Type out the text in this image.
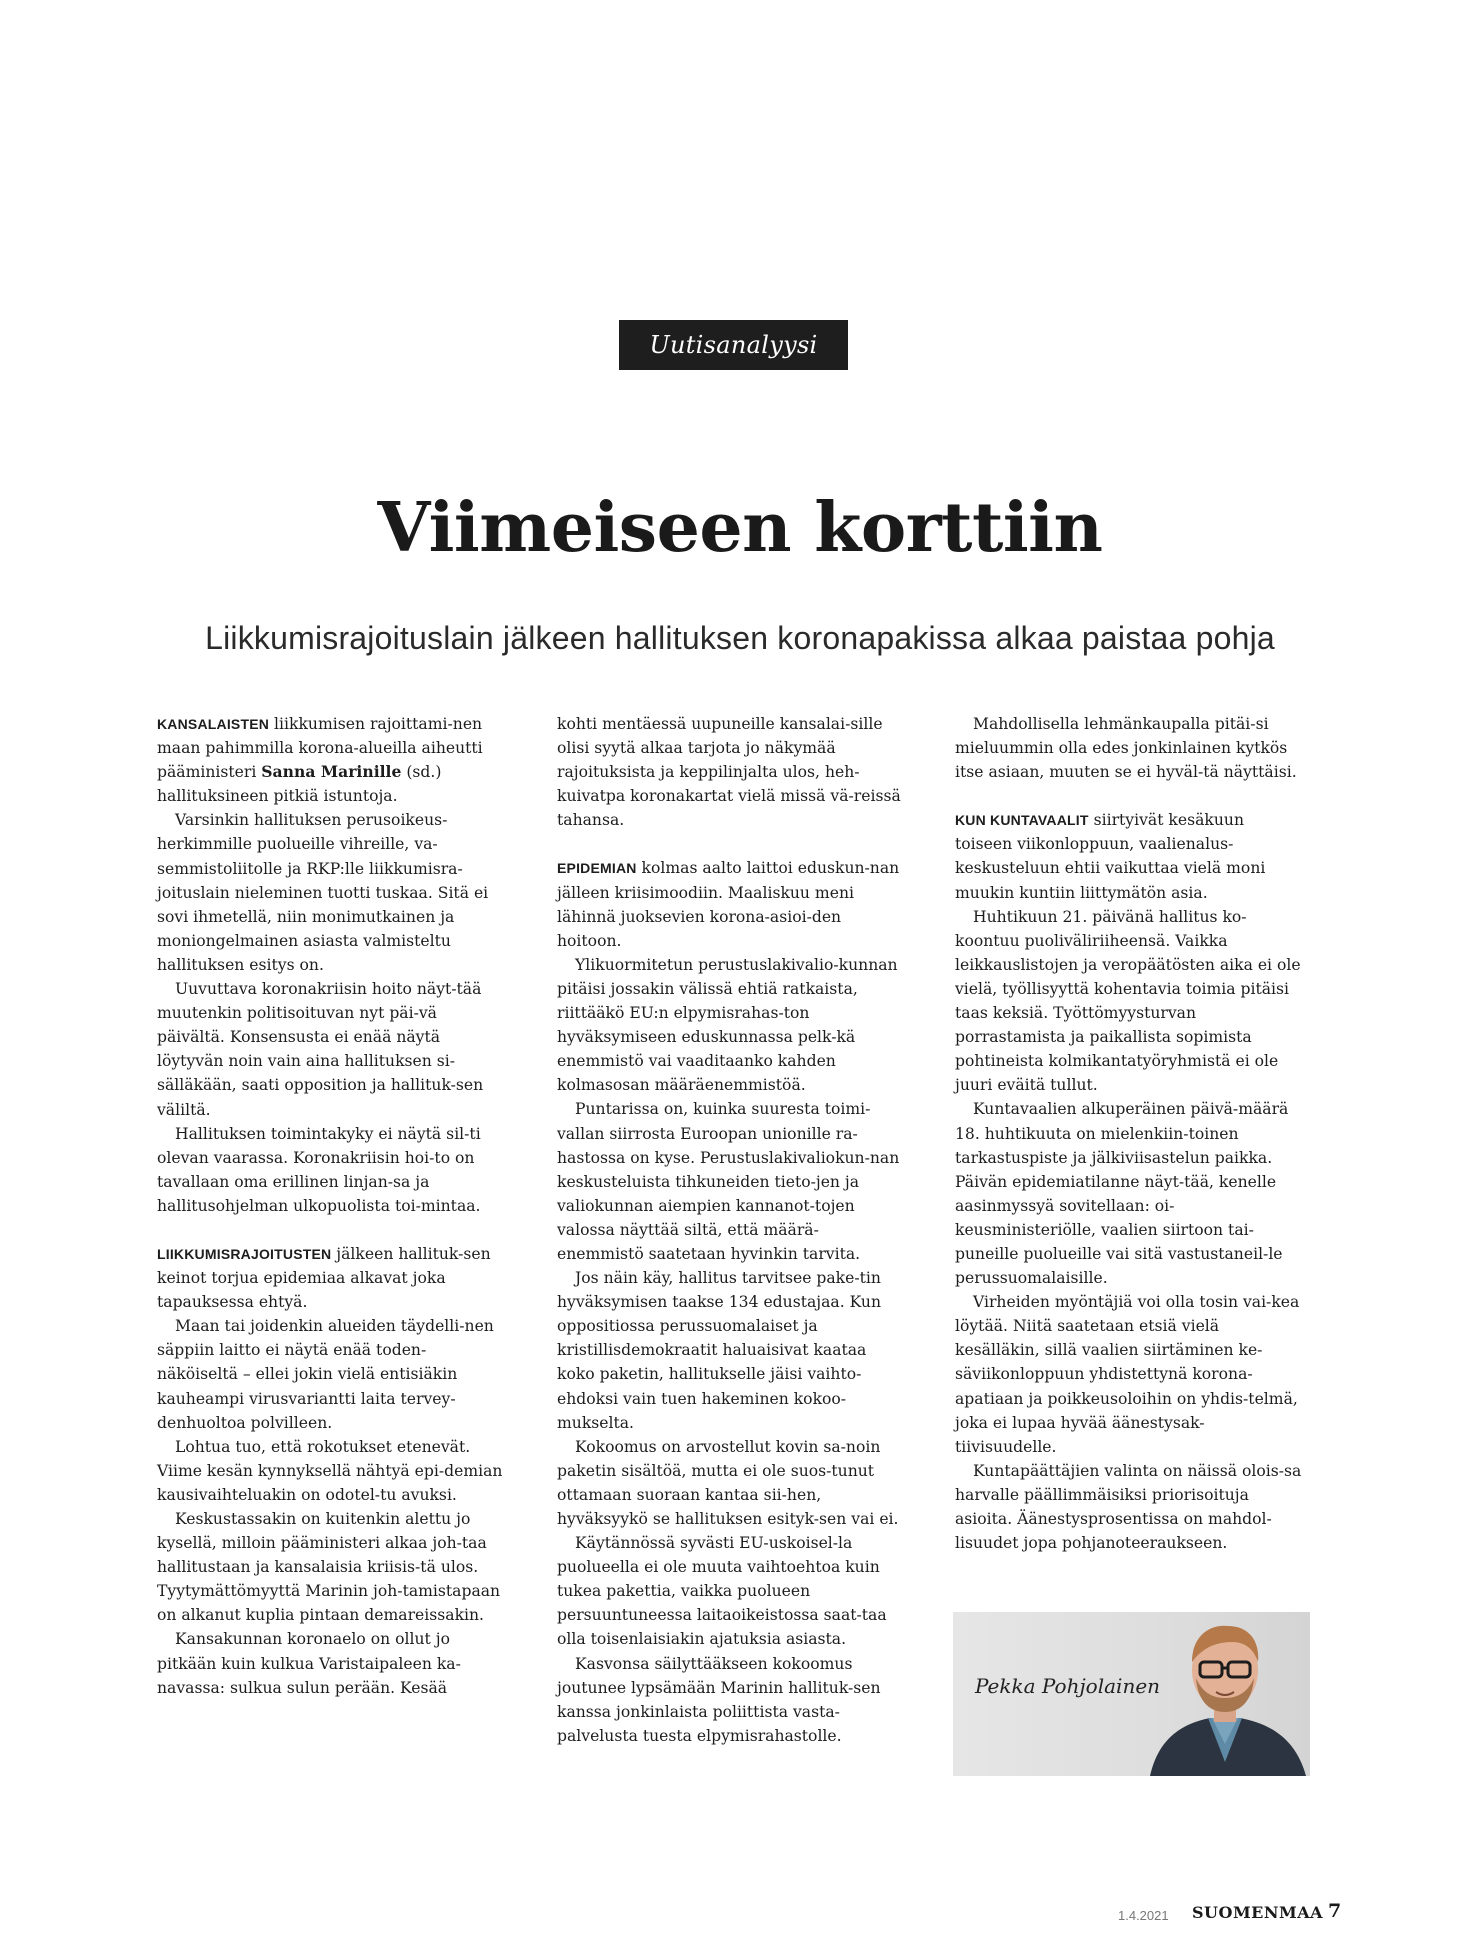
Uutisanalyysi
Viimeiseen korttiin
Liikkumisrajoituslain jälkeen hallituksen koronapakissa alkaa paistaa pohja

KANSALAISTEN liikkumisen rajoittami-nen maan pahimmilla korona-alueilla aiheutti pääministeri Sanna Marinille (sd.) hallituksineen pitkiä istuntoja.

Varsinkin hallituksen perusoikeus-herkimmille puolueille vihreille, va-semmistoliitolle ja RKP:lle liikkumisra-joituslain nieleminen tuotti tuskaa. Sitä ei sovi ihmetellä, niin monimutkainen ja moniongelmainen asiasta valmisteltu hallituksen esitys on.

Uuvuttava koronakriisin hoito näyt-tää muutenkin politisoituvan nyt päi-vä päivältä. Konsensusta ei enää näytä löytyvän noin vain aina hallituksen si-sälläkään, saati opposition ja hallituk-sen väliltä.

Hallituksen toimintakyky ei näytä sil-ti olevan vaarassa. Koronakriisin hoi-to on tavallaan oma erillinen linjan-sa ja hallitusohjelman ulkopuolista toi-mintaa.

LIIKKUMISRAJOITUSTEN jälkeen hallituk-sen keinot torjua epidemiaa alkavat joka tapauksessa ehtyä.

Maan tai joidenkin alueiden täydelli-nen säppiin laitto ei näytä enää toden-näköiseltä – ellei jokin vielä entisiäkin kauheampi virusvariantti laita tervey-denhuoltoa polvilleen.

Lohtua tuo, että rokotukset etenevät. Viime kesän kynnyksellä nähtyä epi-demian kausivaihteluakin on odotel-tu avuksi.

Keskustassakin on kuitenkin alettu jo kysellä, milloin pääministeri alkaa joh-taa hallitustaan ja kansalaisia kriisis-tä ulos. Tyytymättömyyttä Marinin joh-tamistapaan on alkanut kuplia pintaan demareissakin.

Kansakunnan koronaelo on ollut jo pitkään kuin kulkua Varistaipaleen ka-navassa: sulkua sulun perään. Kesää

kohti mentäessä uupuneille kansalai-sille olisi syytä alkaa tarjota jo näkymää rajoituksista ja keppilinjalta ulos, heh-kuivatpa koronakartat vielä missä vä-reissä tahansa.

EPIDEMIAN kolmas aalto laittoi eduskun-nan jälleen kriisimoodiin. Maaliskuu meni lähinnä juoksevien korona-asioi-den hoitoon.

Ylikuormitetun perustuslakivalio-kunnan pitäisi jossakin välissä ehtiä ratkaista, riittääkö EU:n elpymisrahas-ton hyväksymiseen eduskunnassa pelk-kä enemmistö vai vaaditaanko kahden kolmasosan määräenemmistöä.

Puntarissa on, kuinka suuresta toimi-vallan siirrosta Euroopan unionille ra-hastossa on kyse. Perustuslakivaliokun-nan keskusteluista tihkuneiden tieto-jen ja valiokunnan aiempien kannanot-tojen valossa näyttää siltä, että määrä-enemmistö saatetaan hyvinkin tarvita.

Jos näin käy, hallitus tarvitsee pake-tin hyväksymisen taakse 134 edustajaa. Kun oppositiossa perussuomalaiset ja kristillisdemokraatit haluaisivat kaataa koko paketin, hallitukselle jäisi vaihto-ehdoksi vain tuen hakeminen kokoo-mukselta.

Kokoomus on arvostellut kovin sa-noin paketin sisältöä, mutta ei ole suos-tunut ottamaan suoraan kantaa sii-hen, hyväksyykö se hallituksen esityk-sen vai ei.

Käytännössä syvästi EU-uskoisel-la puolueella ei ole muuta vaihtoehtoa kuin tukea pakettia, vaikka puolueen persuuntuneessa laitaoikeistossa saat-taa olla toisenlaisiakin ajatuksia asiasta.

Kasvonsa säilyttääkseen kokoomus joutunee lypsämään Marinin hallituk-sen kanssa jonkinlaista poliittista vasta-palvelusta tuesta elpymisrahastolle.

Mahdollisella lehmänkaupalla pitäi-si mieluummin olla edes jonkinlainen kytkös itse asiaan, muuten se ei hyväl-tä näyttäisi.

KUN KUNTAVAALIT siirtyivät kesäkuun toiseen viikonloppuun, vaalienalus-keskusteluun ehtii vaikuttaa vielä moni muukin kuntiin liittymätön asia.

Huhtikuun 21. päivänä hallitus ko-koontuu puoliväliriiheensä. Vaikka leikkauslistojen ja veropäätösten aika ei ole vielä, työllisyyttä kohentavia toimia pitäisi taas keksiä. Työttömyysturvan porrastamista ja paikallista sopimista pohtineista kolmikantatyöryhmistä ei ole juuri eväitä tullut.

Kuntavaalien alkuperäinen päivä-määrä 18. huhtikuuta on mielenkiin-toinen tarkastuspiste ja jälkiviisastelun paikka. Päivän epidemiatilanne näyt-tää, kenelle aasinmyssyä sovitellaan: oi-keusministeriölle, vaalien siirtoon tai-puneille puolueille vai sitä vastustaneil-le perussuomalaisille.

Virheiden myöntäjiä voi olla tosin vai-kea löytää. Niitä saatetaan etsiä vielä kesälläkin, sillä vaalien siirtäminen ke-säviikonloppuun yhdistettynä korona-apatiaan ja poikkeusoloihin on yhdis-telmä, joka ei lupaa hyvää äänestysak-tiivisuudelle.

Kuntapäättäjien valinta on näissä olois-sa harvalle päällimmäisiksi priorisoituja asioita. Äänestysprosentissa on mahdol-lisuudet jopa pohjanoteeraukseen.

Pekka Pohjolainen
1.4.2021 SUOMENMAA 7
